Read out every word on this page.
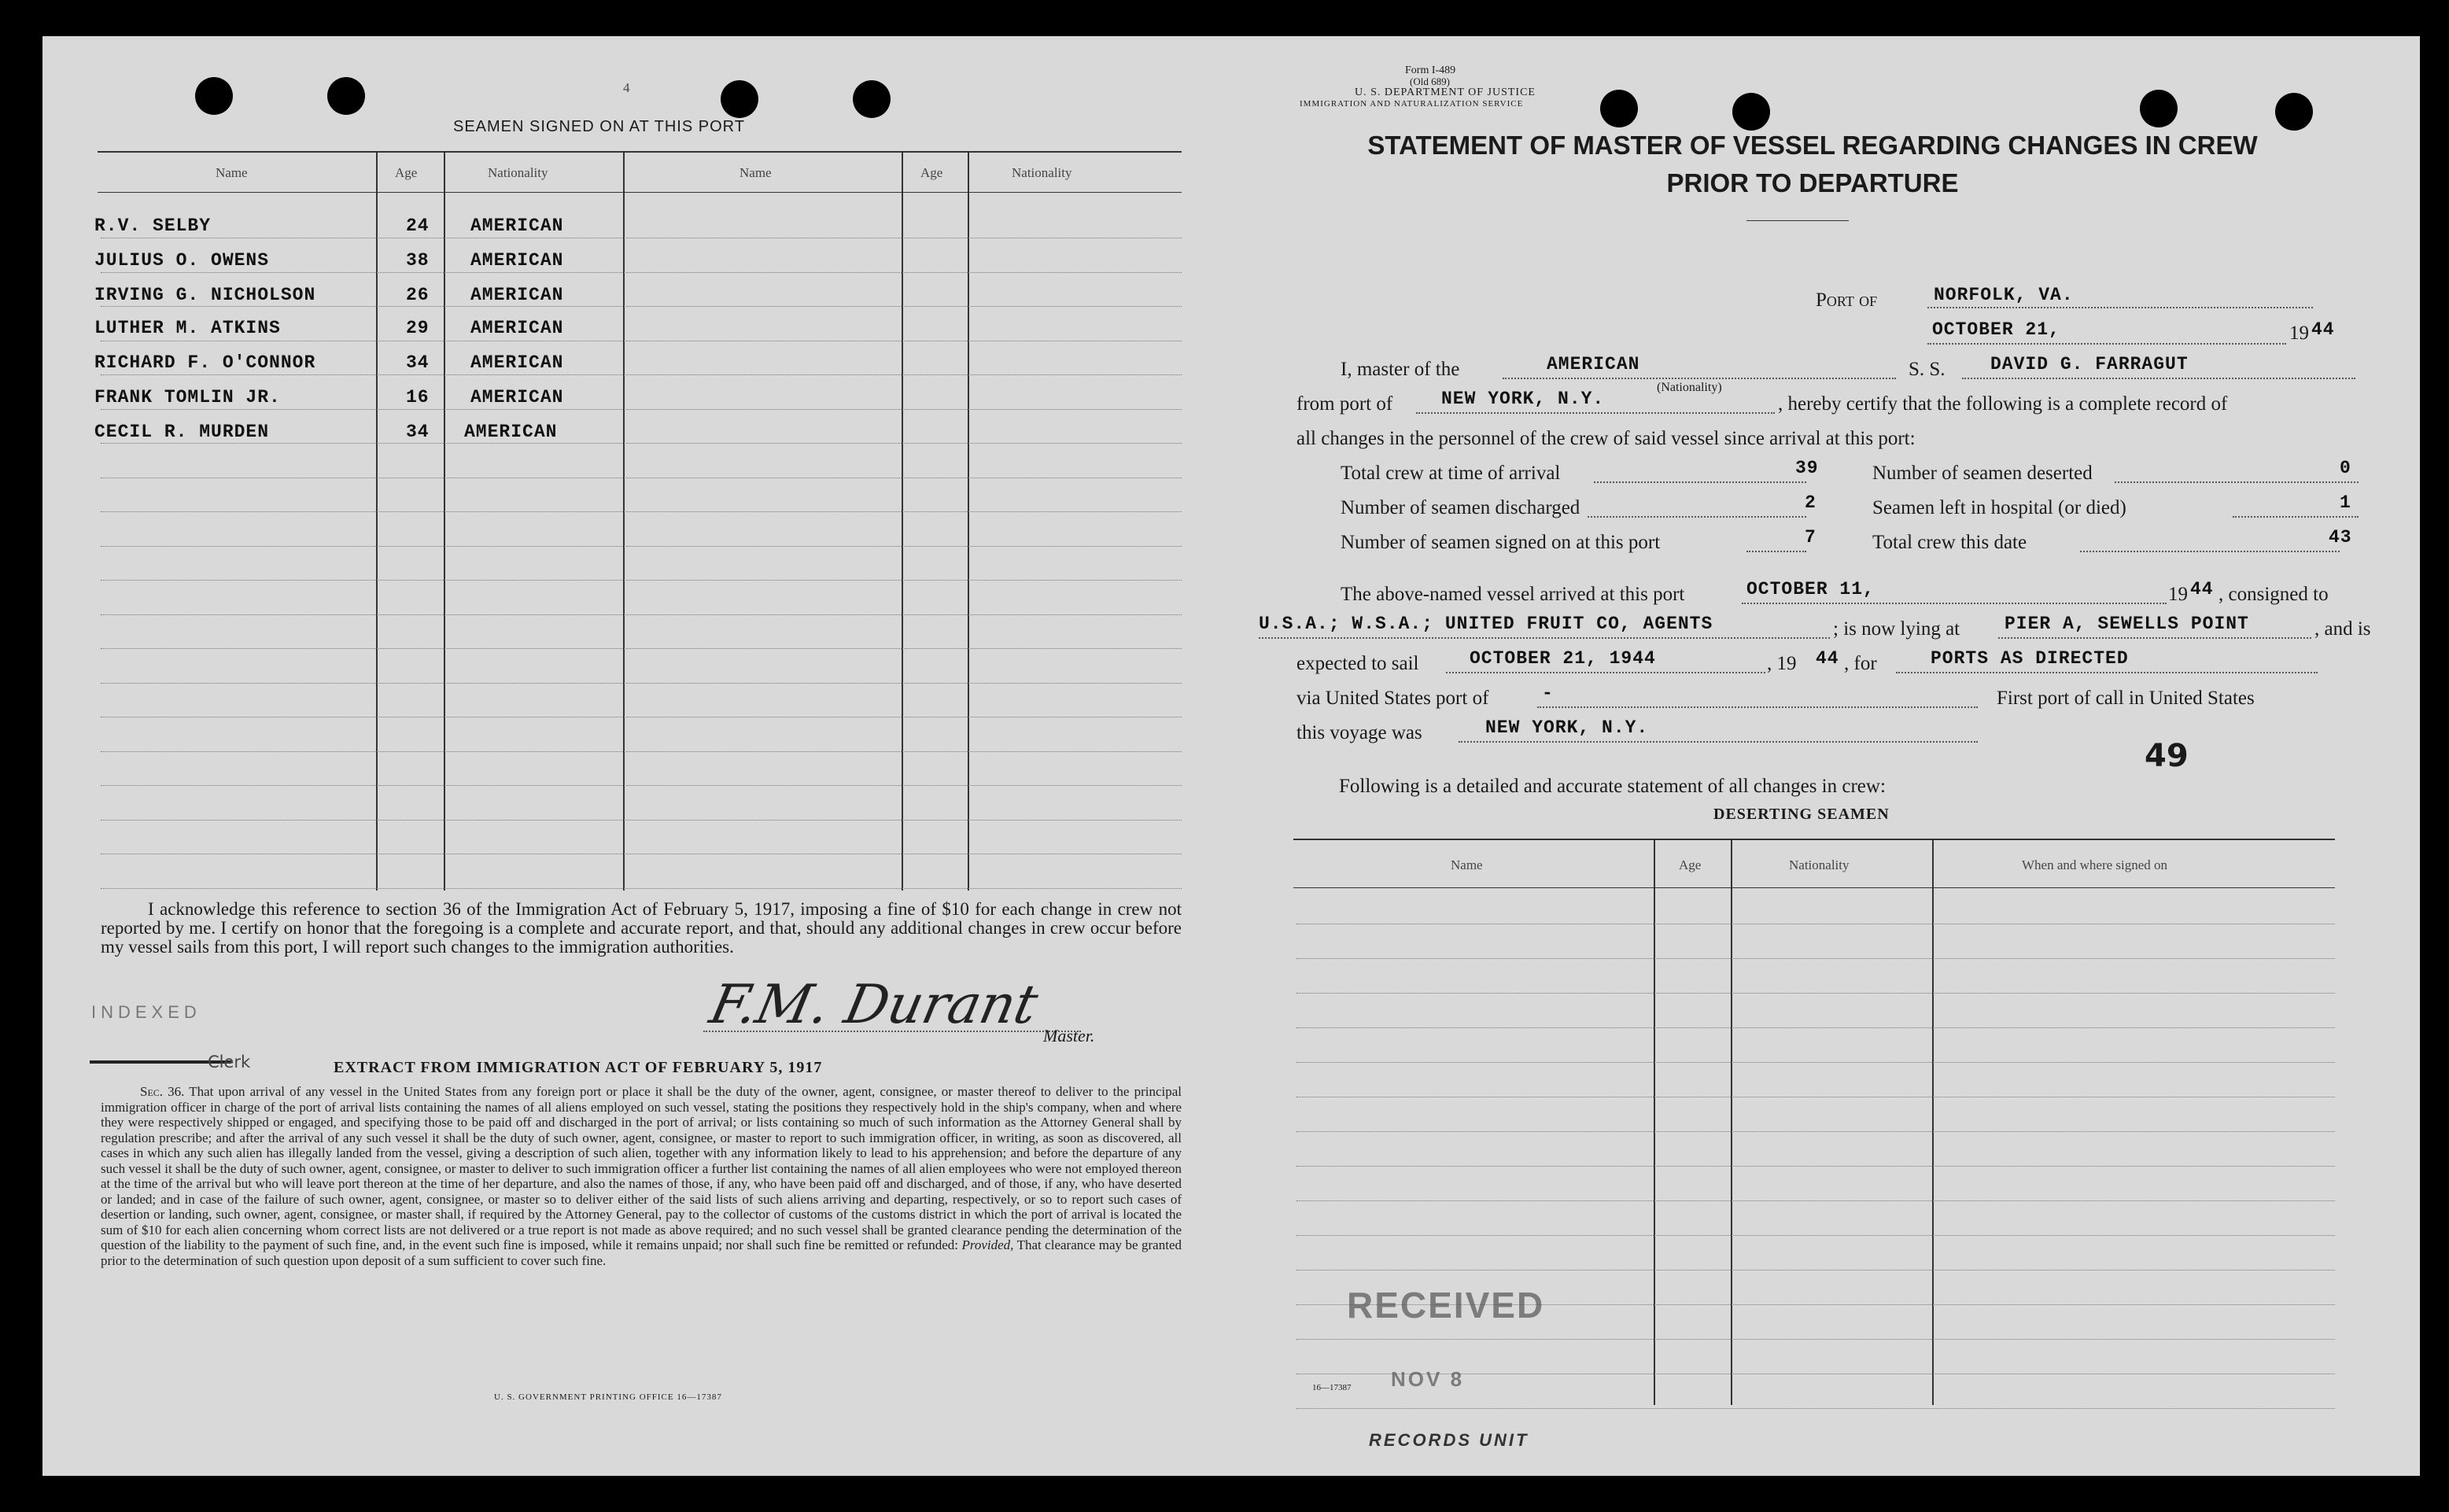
4
SEAMEN SIGNED ON AT THIS PORT
Name	Age	Nationality	Name	Age	Nationality
R.V. SELBY	24 AMERICAN
JULIUS O. OWENS	38 AMERICAN
IRVING G. NICHOLSON	26 AMERICAN
LUTHER M. ATKINS	29 AMERICAN
RICHARD F. O'CONNOR	34 AMERICAN
FRANK TOMLIN JR.	16 AMERICAN
CECIL R. MURDEN	34 AMERICAN
I acknowledge this reference to section 36 of the Immigration Act of February 5, 1917, imposing a fine of $10 for each change in crew not reported by me. I certify on honor that the foregoing is a complete and accurate report, and that, should any additional changes in crew occur before my vessel sails from this port, I will report such changes to the immigration authorities.
INDEXED
Clerk
F.M. Durant Master.
EXTRACT FROM IMMIGRATION ACT OF FEBRUARY 5, 1917
Sec. 36. That upon arrival of any vessel in the United States from any foreign port or place it shall be the duty of the owner, agent, consignee, or master thereof to deliver to the principal immigration officer in charge of the port of arrival lists containing the names of all aliens employed on such vessel, stating the positions they respectively hold in the ship's company, when and where they were respectively shipped or engaged, and specifying those to be paid off and discharged in the port of arrival; or lists containing so much of such information as the Attorney General shall by regulation prescribe; and after the arrival of any such vessel it shall be the duty of such owner, agent, consignee, or master to report to such immigration officer, in writing, as soon as discovered, all cases in which any such alien has illegally landed from the vessel, giving a description of such alien, together with any information likely to lead to his apprehension; and before the departure of any such vessel it shall be the duty of such owner, agent, consignee, or master to deliver to such immigration officer a further list containing the names of all alien employees who were not employed thereon at the time of the arrival but who will leave port thereon at the time of her departure, and also the names of those, if any, who have been paid off and discharged, and of those, if any, who have deserted or landed; and in case of the failure of such owner, agent, consignee, or master so to deliver either of the said lists of such aliens arriving and departing, respectively, or so to report such cases of desertion or landing, such owner, agent, consignee, or master shall, if required by the Attorney General, pay to the collector of customs of the customs district in which the port of arrival is located the sum of $10 for each alien concerning whom correct lists are not delivered or a true report is not made as above required; and no such vessel shall be granted clearance pending the determination of the question of the liability to the payment of such fine, and, in the event such fine is imposed, while it remains unpaid; nor shall such fine be remitted or refunded: Provided, That clearance may be granted prior to the determination of such question upon deposit of a sum sufficient to cover such fine.
U. S. GOVERNMENT PRINTING OFFICE 16—17387
Form I-489
(Old 689)
U. S. DEPARTMENT OF JUSTICE
IMMIGRATION AND NATURALIZATION SERVICE
STATEMENT OF MASTER OF VESSEL REGARDING CHANGES IN CREW
PRIOR TO DEPARTURE
Port of	NORFOLK, VA.
OCTOBER 21,	19 44
I, master of the	AMERICAN
(Nationality)
S. S. DAVID G. FARRAGUT
from port of	NEW YORK, N.Y.	, hereby certify that the following is a complete record of
all changes in the personnel of the crew of said vessel since arrival at this port:
Total crew at time of arrival	39
Number of seamen discharged	2
Number of seamen signed on at this port	7
Number of seamen deserted	0
Seamen left in hospital (or died)	1
Total crew this date	43
The above-named vessel arrived at this port	OCTOBER 11,	19 44 , consigned to
U.S.A.; W.S.A.; UNITED FRUIT CO, AGENTS	; is now lying at PIER A, SEWELLS POINT	, and is
expected to sail	OCTOBER 21, 1944	, 19 44 , for	PORTS AS DIRECTED
via United States port of	-	First port of call in United States
this voyage was	NEW YORK, N.Y.
49
Following is a detailed and accurate statement of all changes in crew:
DESERTING SEAMEN
Name	Age	Nationality	When and where signed on
RECEIVED
NOV 8
16—17387
RECORDS UNIT
